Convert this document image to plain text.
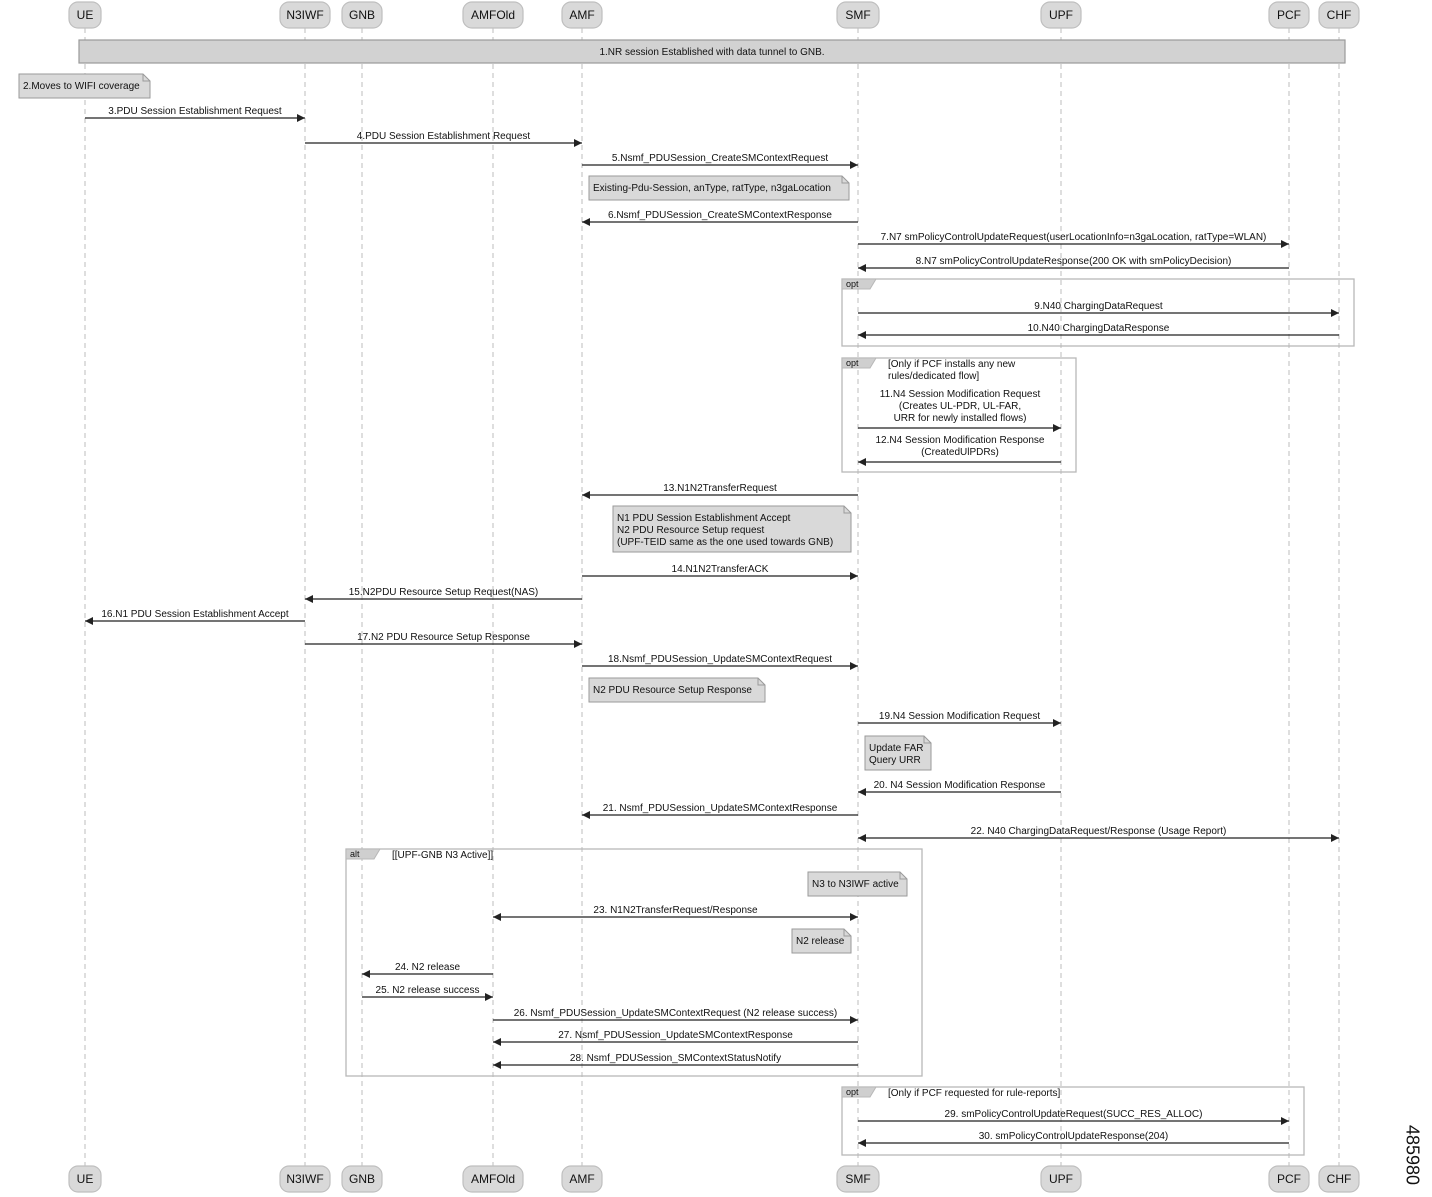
opt
opt	[Only if PCF installs any new
rules/dedicated flow]
alt	[[UPF-GNB N3 Active]]
opt	[Only if PCF requested for rule-reports]
1.NR session Established with data tunnel to GNB.
2.Moves to WIFI coverage
Existing-Pdu-Session, anType, ratType, n3gaLocation
N1 PDU Session Establishment Accept
N2 PDU Resource Setup request
(UPF-TEID same as the one used towards GNB)
N2 PDU Resource Setup Response
Update FAR
Query URR
N3 to N3IWF active
N2 release
3.PDU Session Establishment Request
4.PDU Session Establishment Request
5.Nsmf_PDUSession_CreateSMContextRequest
6.Nsmf_PDUSession_CreateSMContextResponse
7.N7 smPolicyControlUpdateRequest(userLocationInfo=n3gaLocation, ratType=WLAN)
8.N7 smPolicyControlUpdateResponse(200 OK with smPolicyDecision)
9.N40 ChargingDataRequest
10.N40 ChargingDataResponse
11.N4 Session Modification Request
(Creates UL-PDR, UL-FAR,
URR for newly installed flows)
12.N4 Session Modification Response
(CreatedUlPDRs)
13.N1N2TransferRequest
14.N1N2TransferACK
15.N2PDU Resource Setup Request(NAS)
16.N1 PDU Session Establishment Accept
17.N2 PDU Resource Setup Response
18.Nsmf_PDUSession_UpdateSMContextRequest
19.N4 Session Modification Request
20. N4 Session Modification Response
21. Nsmf_PDUSession_UpdateSMContextResponse
22. N40 ChargingDataRequest/Response (Usage Report)
23. N1N2TransferRequest/Response
24. N2 release
25. N2 release success
26. Nsmf_PDUSession_UpdateSMContextRequest (N2 release success)
27. Nsmf_PDUSession_UpdateSMContextResponse
28. Nsmf_PDUSession_SMContextStatusNotify
29. smPolicyControlUpdateRequest(SUCC_RES_ALLOC)
30. smPolicyControlUpdateResponse(204)
UE
UE
N3IWF
N3IWF
GNB
GNB
AMFOld
AMFOld
AMF
AMF
SMF
SMF
UPF
UPF
PCF
PCF
CHF
CHF	485980
